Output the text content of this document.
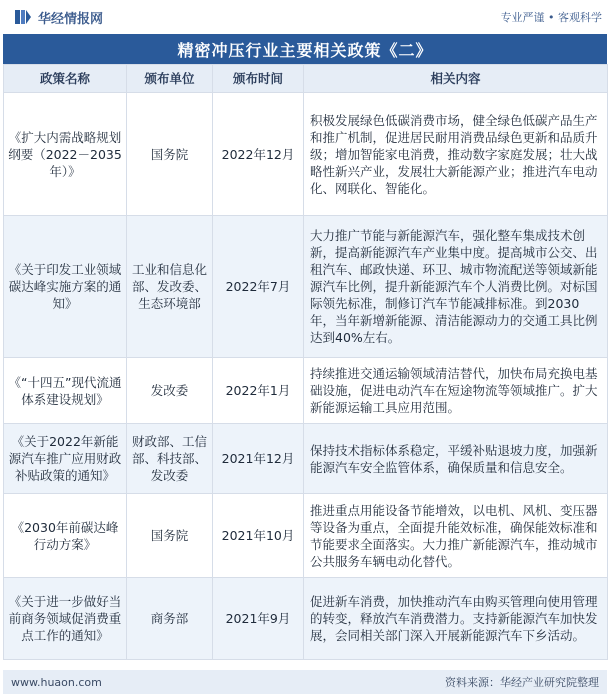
华经情报网	专业严谨 • 客观科学
精密冲压行业主要相关政策《二》
政策名称	颁布单位	颁布时间	相关内容
《扩大内需战略规划纲要（2022－2035年）》	国务院	2022年12月	积极发展绿色低碳消费市场，健全绿色低碳产品生产和推广机制，促进居民耐用消费品绿色更新和品质升级；增加智能家电消费，推动数字家庭发展；壮大战略性新兴产业，发展壮大新能源产业；推进汽车电动化、网联化、智能化。
《关于印发工业领域碳达峰实施方案的通知》	工业和信息化部、发改委、生态环境部	2022年7月	大力推广节能与新能源汽车，强化整车集成技术创新，提高新能源汽车产业集中度。提高城市公交、出租汽车、邮政快递、环卫、城市物流配送等领域新能源汽车比例，提升新能源汽车个人消费比例。对标国际领先标准，制修订汽车节能减排标准。到2030年，当年新增新能源、清洁能源动力的交通工具比例达到40%左右。
《“十四五”现代流通体系建设规划》	发改委	2022年1月	持续推进交通运输领域清洁替代，加快布局充换电基础设施，促进电动汽车在短途物流等领域推广。扩大新能源运输工具应用范围。
《关于2022年新能源汽车推广应用财政补贴政策的通知》	财政部、工信部、科技部、发改委	2021年12月	保持技术指标体系稳定，平缓补贴退坡力度，加强新能源汽车安全监管体系，确保质量和信息安全。
《2030年前碳达峰行动方案》	国务院	2021年10月	推进重点用能设备节能增效，以电机、风机、变压器等设备为重点，全面提升能效标准，确保能效标准和节能要求全面落实。大力推广新能源汽车，推动城市公共服务车辆电动化替代。
《关于进一步做好当前商务领域促消费重点工作的通知》	商务部	2021年9月	促进新车消费，加快推动汽车由购买管理向使用管理的转变，释放汽车消费潜力。支持新能源汽车加快发展，会同相关部门深入开展新能源汽车下乡活动。
www.huaon.com	资料来源：华经产业研究院整理
